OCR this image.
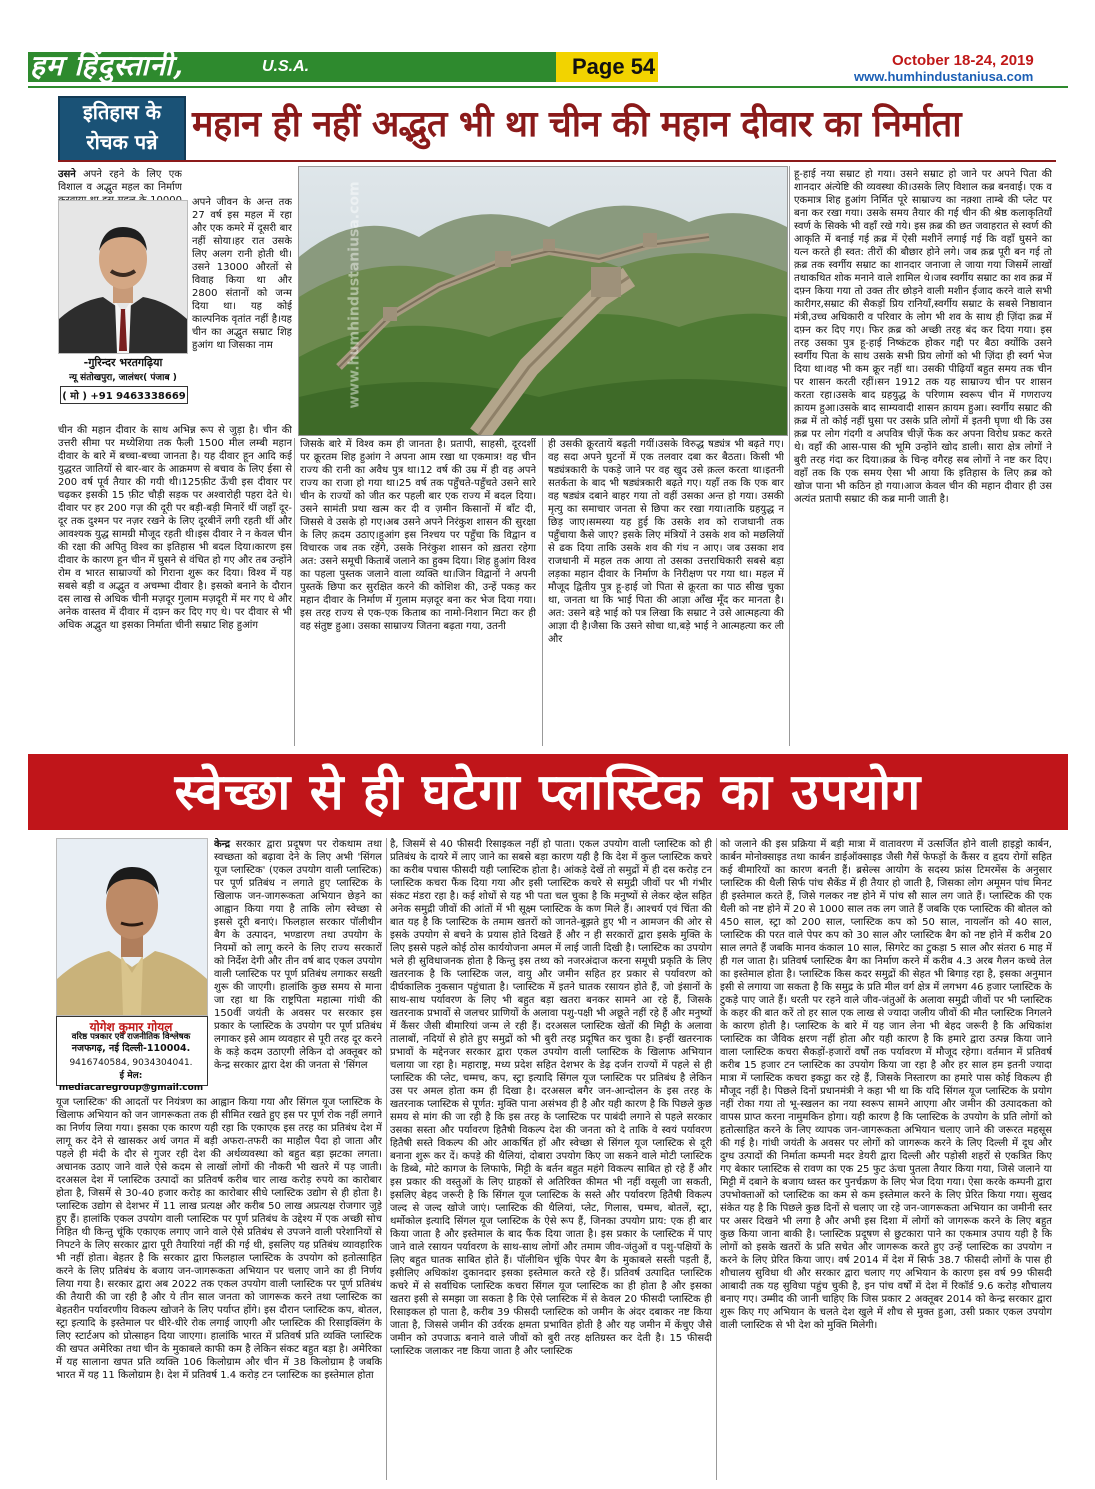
हम हिंदुस्तानी,	U.S.A.	Page 54	October 18-24, 2019
www.humhindustaniusa.com
इतिहास के
रोचक पन्ने महान ही नहीं अद्भुत भी था चीन की महान दीवार का निर्माता
उसने अपने रहने के लिए एक विशाल व अद्भुत महल का निर्माण
-गुरिन्दर भरतगढ़िया
न्यू संतोखपुरा, जालंधर( पंजाब )
( मो ) +91 9463338669
अपने जीवन के अन्त तक 27 वर्ष इस महल में रहा और एक कमरे में दूसरी बार नहीं सोया।हर रात उसके लिए अलग रानी होती थी। उसने 13000 औरतों से विवाह किया था और 2800 संतानों को जन्म दिया था। यह कोई काल्पनिक वृतांत नहीं है।यह चीन का अद्भुत सम्राट शिह हुआंग था जिसका नाम
चीन की महान दीवार के साथ अभिन्न रूप से जुड़ा है। चीन की उत्तरी सीमा पर मध्येशिया तक फैली 1500 मील लम्बी महान दीवार के बारे में बच्चा-बच्चा जानता है। यह दीवार हून आदि कई युद्धरत जातियों से बार-बार के आक्रमण से बचाव के लिए ईसा से 200 वर्ष पूर्व तैयार की गयी थी।125फ़ीट ऊँची इस दीवार पर चढ़कर इसकी 15 फ़ीट चौड़ी सड़क पर अश्वारोही पहरा देते थे। दीवार पर हर 200 गज़ की दूरी पर बड़ी-बड़ी मिनारें थीं जहाँ दूर-दूर तक दुश्मन पर नज़र रखने के लिए दूरबीनें लगी रहती थीं और आवश्यक युद्ध सामग्री मौजूद रहती थी।इस दीवार ने न केवल चीन की रक्षा की अपितु विश्व का इतिहास भी बदल दिया।कारण इस दीवार के कारण हून चीन में घुसने से वंचित हो गए और तब उन्होंने रोम व भारत साम्राज्यों को गिराना शुरू कर दिया। विश्व में यह सबसे बड़ी व अद्भुत व अचम्भा दीवार है। इसको बनाने के दौरान दस लाख से अधिक चीनी मज़दूर गुलाम मज़दूरी में मर गए थे और अनेक वास्तव में दीवार में दफ़्न कर दिए गए थे। पर दीवार से भी अधिक अद्भुत था इसका निर्माता चीनी सम्राट शिह हुआंग
www.humhindustaniusa.com
जिसके बारे में विश्व कम ही जानता है। प्रतापी, साहसी, दूरदर्शी पर क्रूरतम शिह हुआंग ने अपना आम रखा था एकमात्र! वह चीन राज्य की रानी का अवैध पुत्र था।12 वर्ष की उम्र में ही वह अपने राज्य का राजा हो गया था।25 वर्ष तक पहुँचते-पहुँचते उसने सारे चीन के राज्यों को जीत कर पहली बार एक राज्य में बदल दिया।उसने सामंती प्रथा खत्म कर दी व ज़मीन किसानों में बाँट दी, जिससे वे उसके हो गए।अब उसने अपने निरंकुश शासन की सुरक्षा के लिए क़दम उठाए।हुआंग इस निश्चय पर पहुँचा कि विद्वान व विचारक जब तक रहेंगे, उसके निरंकुश शासन को ख़तरा रहेगा अत: उसने समूची किताबें जलाने का हुक्म दिया। शिह हुआंग विश्व का पहला पुस्तक जलाने वाला व्यक्ति था।जिन विद्वानों ने अपनी पुस्तकें छिपा कर सुरक्षित करने की कोशिश की, उन्हें पकड़ कर महान दीवार के निर्माण में गुलाम मज़दूर बना कर भेज दिया गया। इस तरह राज्य से एक-एक किताब का नामो-निशान मिटा कर ही वह संतुष्ट हुआ। उसका साम्राज्य जितना बढ़ता गया, उतनी
ही उसकी क्रूरतायें बढ़ती गयीं।उसके विरुद्ध षड्यंत्र भी बढ़ते गए।वह सदा अपने घुटनों में एक तलवार दबा कर बैठता। किसी भी षड्यंत्रकारी के पकड़े जाने पर वह खुद उसे क़त्ल करता था।इतनी सतर्कता के बाद भी षड्यंत्रकारी बढ़ते गए। यहाँ तक कि एक बार वह षड्यंत्र दबाने बाहर गया तो वहीं उसका अन्त हो गया। उसकी मृत्यु का समाचार जनता से छिपा कर रखा गया।ताकि ग्रहयुद्ध न छिड़ जाए।समस्या यह हुई कि उसके शव को राजधानी तक पहुँचाया कैसे जाए? इसके लिए मंत्रियों ने उसके शव को मछलियों से ढक दिया ताकि उसके शव की गंध न आए। जब उसका शव राजधानी में महल तक आया तो उसका उत्तराधिकारी सबसे बड़ा लड़का महान दीवार के निर्माण के निरीक्षण पर गया था। महल में मौजूद द्वितीय पुत्र हू-हाई जो पिता से क्रूरता का पाठ सीख चुका था, जनता था कि भाई पिता की आज्ञा आँख मूँद कर मानता है। अत: उसने बड़े भाई को पत्र लिखा कि सम्राट ने उसे आत्महत्या की आज्ञा दी है।जैसा कि उसने सोचा था,बड़े भाई ने आत्महत्या कर ली और
हू-हाई नया सम्राट हो गया। उसने सम्राट हो जाने पर अपने पिता की शानदार अंत्येष्टि की व्यवस्था की।उसके लिए विशाल कब्र बनवाई। एक व एकमात्र शिह हुआंग निर्मित पूरे साम्राज्य का नक़्शा ताम्बे की प्लेट पर बना कर रखा गया। उसके समय तैयार की गई चीन की श्रेष्ठ कलाकृतियाँ स्वर्ण के सिक्के भी वहाँ रखे गये। इस क़ब्र की छत जवाहरात से स्वर्ण की आकृति में बनाई गई क़ब्र में ऐसी मशीनें लगाई गई कि वहाँ घुसने का यत्न करते ही स्वत: तीरों की बौछार होने लगे। जब क़ब्र पूरी बन गई तो क़ब्र तक स्वर्गीय सम्राट का शानदार जनाजा ले जाया गया जिसमें लाखों तथाकथित शोक मनाने वाले शामिल थे।जब स्वर्गीय सम्राट का शव क़ब्र में दफ़्न किया गया तो उक्त तीर छोड़ने वाली मशीन ईजाद करने वाले सभी कारीगर,सम्राट की सैकड़ों प्रिय रानियाँ,स्वर्गीय सम्राट के सबसे निष्ठावान मंत्री,उच्च अधिकारी व परिवार के लोग भी शव के साथ ही ज़िंदा क़ब्र में दफ़्न कर दिए गए। फिर क़ब्र को अच्छी तरह बंद कर दिया गया। इस तरह उसका पुत्र हू-हाई निष्कंटक होकर गद्दी पर बैठा क्योंकि उसने स्वर्गीय पिता के साथ उसके सभी प्रिय लोगों को भी ज़िंदा ही स्वर्ग भेज दिया था।वह भी कम क्रूर नहीं था। उसकी पीढ़ियाँ बहुत समय तक चीन पर शासन करती रहीं।सन 1912 तक यह साम्राज्य चीन पर शासन करता रहा।उसके बाद ग्रहयुद्ध के परिणाम स्वरूप चीन में गणराज्य क़ायम हुआ।उसके बाद साम्यवादी शासन क़ायम हुआ। स्वर्गीय सम्राट की क़ब्र में तो कोई नहीं घुसा पर उसके प्रति लोगों में इतनी घृणा थी कि उस क़ब्र पर लोग गंदगी व अपवित्र चीज़ें फेंक कर अपना विरोध प्रकट करते थे। वहाँ की आस-पास की भूमि उन्होंने खोद डाली। सारा क्षेत्र लोगों ने बुरी तरह गंदा कर दिया।क़ब्र के चिन्ह वगैरह सब लोगों ने नष्ट कर दिए।वहाँ तक कि एक समय ऐसा भी आया कि इतिहास के लिए क़ब्र को खोज पाना भी कठिन हो गया।आज केवल चीन की महान दीवार ही उस अत्यंत प्रतापी सम्राट की कब्र मानी जाती है।
स्वेच्छा से ही घटेगा प्लास्टिक का उपयोग
योगेश कुमार गोयल
वरिष्ठ पत्रकार एवं राजनीतिक विश्लेषक
नजफगढ़, नई दिल्ली-110004.
9416740584, 9034304041.
ई मेल: mediacaregroup@gmail.com
केन्द्र सरकार द्वारा प्रदूषण पर रोकथाम तथा स्वच्छता को बढ़ावा देने के लिए अभी 'सिंगल यूज प्लास्टिक' (एकल उपयोग वाली प्लास्टिक) पर पूर्ण प्रतिबंध न लगाते हुए प्लास्टिक के खिलाफ जन-जागरूकता अभियान छेड़ने का आह्वान किया गया है ताकि लोग स्वेच्छा से इससे दूरी बनाएं। फिलहाल सरकार पॉलीथीन बैग के उत्पादन, भण्डारण तथा उपयोग के नियमों को लागू करने के लिए राज्य सरकारों को निर्देश देगी और तीन वर्ष बाद एकल उपयोग वाली प्लास्टिक पर पूर्ण प्रतिबंध लगाकर सख्ती शुरू की जाएगी। हालांकि कुछ समय से माना जा रहा था कि राष्ट्रपिता महात्मा गांधी की 150वीं जयंती के अवसर पर सरकार इस प्रकार के प्लास्टिक के उपयोग पर पूर्ण प्रतिबंध लगाकर इसे आम व्यवहार से पूरी तरह दूर करने के कड़े कदम उठाएगी लेकिन दो अक्तूबर को केन्द्र सरकार द्वारा देश की जनता से 'सिंगल
यूज प्लास्टिक' की आदतों पर नियंत्रण का आह्वान किया गया और सिंगल यूज प्लास्टिक के खिलाफ अभियान को जन जागरूकता तक ही सीमित रखते हुए इस पर पूर्ण रोक नहीं लगाने का निर्णय लिया गया। इसका एक कारण यही रहा कि एकाएक इस तरह का प्रतिबंध देश में लागू कर देने से खासकर अर्थ जगत में बड़ी अफरा-तफरी का माहौल पैदा हो जाता और पहले ही मंदी के दौर से गुजर रही देश की अर्थव्यवस्था को बहुत बड़ा झटका लगता। अचानक उठाए जाने वाले ऐसे कदम से लाखों लोगों की नौकरी भी खतरे में पड़ जाती। दरअसल देश में प्लास्टिक उत्पादों का प्रतिवर्ष करीब चार लाख करोड़ रुपये का कारोबार होता है, जिसमें से 30-40 हजार करोड़ का कारोबार सीधे प्लास्टिक उद्योग से ही होता है। प्लास्टिक उद्योग से देशभर में 11 लाख प्रत्यक्ष और करीब 50 लाख अप्रत्यक्ष रोजगार जुड़े हुए हैं। हालांकि एकल उपयोग वाली प्लास्टिक पर पूर्ण प्रतिबंध के उद्देश्य में एक अच्छी सोच निहित थी किन्तु चूंकि एकाएक लगाए जाने वाले ऐसे प्रतिबंध से उपजने वाली परेशानियों से निपटने के लिए सरकार द्वारा पूरी तैयारियां नहीं की गई थी, इसलिए यह प्रतिबंध व्यावहारिक भी नहीं होता। बेहतर है कि सरकार द्वारा फिलहाल प्लास्टिक के उपयोग को हतोत्साहित करने के लिए प्रतिबंध के बजाय जन-जागरूकता अभियान पर चलाए जाने का ही निर्णय लिया गया है। सरकार द्वारा अब 2022 तक एकल उपयोग वाली प्लास्टिक पर पूर्ण प्रतिबंध की तैयारी की जा रही है और ये तीन साल जनता को जागरूक करने तथा प्लास्टिक का बेहतरीन पर्यावरणीय विकल्प खोजने के लिए पर्याप्त होंगे। इस दौरान प्लास्टिक कप, बोतल, स्ट्रा इत्यादि के इस्तेमाल पर धीरे-धीरे रोक लगाई जाएगी और प्लास्टिक की रिसाइक्लिंग के लिए स्टार्टअप को प्रोत्साहन दिया जाएगा। हालांकि भारत में प्रतिवर्ष प्रति व्यक्ति प्लास्टिक की खपत अमेरिका तथा चीन के मुकाबले काफी कम है लेकिन संकट बहुत बड़ा है। अमेरिका में यह सालाना खपत प्रति व्यक्ति 106 किलोग्राम और चीन में 38 किलोग्राम है जबकि भारत में यह 11 किलोग्राम है। देश में प्रतिवर्ष 1.4 करोड़ टन प्लास्टिक का इस्तेमाल होता
है, जिसमें से 40 फीसदी रिसाइकल नहीं हो पाता। एकल उपयोग वाली प्लास्टिक को ही प्रतिबंध के दायरे में लाए जाने का सबसे बड़ा कारण यही है कि देश में कुल प्लास्टिक कचरे का करीब पचास फीसदी यही प्लास्टिक होता है। आंकड़े देखें तो समुद्रों में ही दस करोड़ टन प्लास्टिक कचरा फैंक दिया गया और इसी प्लास्टिक कचरे से समुद्री जीवों पर भी गंभीर संकट मंडरा रहा है। कई शोधों से यह भी पता चल चुका है कि मनुष्यों से लेकर व्हेल सहित अनेक समुद्री जीवों की आंतों में भी सूक्ष्म प्लास्टिक के कण मिले हैं। आश्चर्य एवं चिंता की बात यह है कि प्लास्टिक के तमाम खतरों को जानते-बूझते हुए भी न आमजन की ओर से इसके उपयोग से बचने के प्रयास होते दिखते हैं और न ही सरकारों द्वारा इसके मुक्ति के लिए इससे पहले कोई ठोस कार्ययोजना अमल में लाई जाती दिखी है। प्लास्टिक का उपयोग भले ही सुविधाजनक होता है किन्तु इस तथ्य को नजरअंदाज करना समूची प्रकृति के लिए खतरनाक है कि प्लास्टिक जल, वायु और जमीन सहित हर प्रकार से पर्यावरण को दीर्घकालिक नुकसान पहुंचाता है। प्लास्टिक में इतने घातक रसायन होते हैं, जो इंसानों के साथ-साथ पर्यावरण के लिए भी बहुत बड़ा खतरा बनकर सामने आ रहे हैं, जिसके खतरनाक प्रभावों से जलचर प्राणियों के अलावा पशु-पक्षी भी अछूते नहीं रहे हैं और मनुष्यों में कैंसर जैसी बीमारियां जन्म ले रही हैं। दरअसल प्लास्टिक खेतों की मिट्टी के अलावा तालाबों, नदियों से होते हुए समुद्रों को भी बुरी तरह प्रदूषित कर चुका है। इन्हीं खतरनाक प्रभावों के मद्देनजर सरकार द्वारा एकल उपयोग वाली प्लास्टिक के खिलाफ अभियान चलाया जा रहा है। महाराष्ट्र, मध्य प्रदेश सहित देशभर के डेढ़ दर्जन राज्यों में पहले से ही प्लास्टिक की प्लेट, चम्मच, कप, स्ट्रा इत्यादि सिंगल यूज प्लास्टिक पर प्रतिबंध है लेकिन उस पर अमल होता कम ही दिखा है। दरअसल बगैर जन-आन्दोलन के इस तरह के खतरनाक प्लास्टिक से पूर्णत: मुक्ति पाना असंभव ही है और यही कारण है कि पिछले कुछ समय से मांग की जा रही है कि इस तरह के प्लास्टिक पर पाबंदी लगाने से पहले सरकार उसका सस्ता और पर्यावरण हितैषी विकल्प देश की जनता को दे ताकि वे स्वयं पर्यावरण हितैषी सस्ते विकल्प की ओर आकर्षित हों और स्वेच्छा से सिंगल यूज प्लास्टिक से दूरी बनाना शुरू कर दें। कपड़े की थैलियां, दोबारा उपयोग किए जा सकने वाले मोटी प्लास्टिक के डिब्बे, मोटे कागज के लिफाफे, मिट्टी के बर्तन बहुत महंगे विकल्प साबित हो रहे हैं और इस प्रकार की वस्तुओं के लिए ग्राहकों से अतिरिक्त कीमत भी नहीं वसूली जा सकती, इसलिए बेहद जरूरी है कि सिंगल यूज प्लास्टिक के सस्ते और पर्यावरण हितैषी विकल्प जल्द से जल्द खोजे जाएं। प्लास्टिक की थैलियां, प्लेट, गिलास, चम्मच, बोतलें, स्ट्रा, थर्मोकोल इत्यादि सिंगल यूज प्लास्टिक के ऐसे रूप हैं, जिनका उपयोग प्राय: एक ही बार किया जाता है और इस्तेमाल के बाद फैंक दिया जाता है। इस प्रकार के प्लास्टिक में पाए जाने वाले रसायन पर्यावरण के साथ-साथ लोगों और तमाम जीव-जंतुओं व पशु-पक्षियों के लिए बहुत घातक साबित होते हैं। पॉलीथिन चूंकि पेपर बैग के मुकाबले सस्ती पड़ती हैं, इसीलिए अधिकांश दुकानदार इसका इस्तेमाल करते रहे हैं। प्रतिवर्ष उत्पादित प्लास्टिक कचरे में से सर्वाधिक प्लास्टिक कचरा सिंगल यूज प्लास्टिक का ही होता है और इसका खतरा इसी से समझा जा सकता है कि ऐसे प्लास्टिक में से केवल 20 फीसदी प्लास्टिक ही रिसाइकल हो पाता है, करीब 39 फीसदी प्लास्टिक को जमीन के अंदर दबाकर नष्ट किया जाता है, जिससे जमीन की उर्वरक क्षमता प्रभावित होती है और यह जमीन में केंचुए जैसे जमीन को उपजाऊ बनाने वाले जीवों को बुरी तरह क्षतिग्रस्त कर देती है। 15 फीसदी प्लास्टिक जलाकर नष्ट किया जाता है और प्लास्टिक
को जलाने की इस प्रक्रिया में बड़ी मात्रा में वातावरण में उत्सर्जित होने वाली हाइड्रो कार्बन, कार्बन मोनोक्साइड तथा कार्बन डाईऑक्साइड जैसी गैसें फेफड़ों के कैंसर व हृदय रोगों सहित कई बीमारियों का कारण बनती हैं। ब्रसेल्स आयोग के सदस्य फ्रांस टिमरमेंस के अनुसार प्लास्टिक की थैली सिर्फ पांच सैकेंड में ही तैयार हो जाती है, जिसका लोग अमूमन पांच मिनट ही इस्तेमाल करते हैं, जिसे गलकर नष्ट होने में पांच सौ साल लग जाते हैं। प्लास्टिक की एक थैली को नष्ट होने में 20 से 1000 साल तक लग जाते हैं जबकि एक प्लास्टिक की बोतल को 450 साल, स्ट्रा को 200 साल, प्लास्टिक कप को 50 साल, नायलॉन को 40 साल, प्लास्टिक की परत वाले पेपर कप को 30 साल और प्लास्टिक बैग को नष्ट होने में करीब 20 साल लगते हैं जबकि मानव कंकाल 10 साल, सिगरेट का टुकड़ा 5 साल और संतरा 6 माह में ही गल जाता है। प्रतिवर्ष प्लास्टिक बैग का निर्माण करने में करीब 4.3 अरब गैलन कच्चे तेल का इस्तेमाल होता है। प्लास्टिक किस कदर समुद्रों की सेहत भी बिगाड़ रहा है, इसका अनुमान इसी से लगाया जा सकता है कि समुद्र के प्रति मील वर्ग क्षेत्र में लगभग 46 हजार प्लास्टिक के टुकड़े पाए जाते हैं। धरती पर रहने वाले जीव-जंतुओं के अलावा समुद्री जीवों पर भी प्लास्टिक के कहर की बात करें तो हर साल एक लाख से ज्यादा जलीय जीवों की मौत प्लास्टिक निगलने के कारण होती है। प्लास्टिक के बारे में यह जान लेना भी बेहद जरूरी है कि अधिकांश प्लास्टिक का जैविक क्षरण नहीं होता और यही कारण है कि हमारे द्वारा उत्पन्न किया जाने वाला प्लास्टिक कचरा सैकड़ों-हजारों वर्षों तक पर्यावरण में मौजूद रहेगा। वर्तमान में प्रतिवर्ष करीब 15 हजार टन प्लास्टिक का उपयोग किया जा रहा है और हर साल हम इतनी ज्यादा मात्रा में प्लास्टिक कचरा इकट्ठा कर रहे हैं, जिसके निस्तारण का हमारे पास कोई विकल्प ही मौजूद नहीं है। पिछले दिनों प्रधानमंत्री ने कहा भी था कि यदि सिंगल यूज प्लास्टिक के प्रयोग नहीं रोका गया तो भू-स्खलन का नया स्वरूप सामने आएगा और जमीन की उत्पादकता को वापस प्राप्त करना नामुमकिन होगा। यही कारण है कि प्लास्टिक के उपयोग के प्रति लोगों को हतोत्साहित करने के लिए व्यापक जन-जागरूकता अभियान चलाए जाने की जरूरत महसूस की गई है। गांधी जयंती के अवसर पर लोगों को जागरूक करने के लिए दिल्ली में दूध और दुग्ध उत्पादों की निर्माता कम्पनी मदर डेयरी द्वारा दिल्ली और पड़ोसी शहरों से एकत्रित किए गए बेकार प्लास्टिक से रावण का एक 25 फुट ऊंचा पुतला तैयार किया गया, जिसे जलाने या मिट्टी में दबाने के बजाय ध्वस्त कर पुनर्चक्रण के लिए भेज दिया गया। ऐसा करके कम्पनी द्वारा उपभोक्ताओं को प्लास्टिक का कम से कम इस्तेमाल करने के लिए प्रेरित किया गया। सुखद संकेत यह है कि पिछले कुछ दिनों से चलाए जा रहे जन-जागरूकता अभियान का जमीनी स्तर पर असर दिखने भी लगा है और अभी इस दिशा में लोगों को जागरूक करने के लिए बहुत कुछ किया जाना बाकी है। प्लास्टिक प्रदूषण से छुटकारा पाने का एकमात्र उपाय यही है कि लोगों को इसके खतरों के प्रति सचेत और जागरूक करते हुए उन्हें प्लास्टिक का उपयोग न करने के लिए प्रेरित किया जाए। वर्ष 2014 में देश में सिर्फ 38.7 फीसदी लोगों के पास ही शौचालय सुविधा थी और सरकार द्वारा चलाए गए अभियान के कारण इस वर्ष 99 फीसदी आबादी तक यह सुविधा पहुंच चुकी है, इन पांच वर्षों में देश में रिकॉर्ड 9.6 करोड़ शौचालय बनाए गए। उम्मीद की जानी चाहिए कि जिस प्रकार 2 अक्तूबर 2014 को केन्द्र सरकार द्वारा शुरू किए गए अभियान के चलते देश खुले में शौच से मुक्त हुआ, उसी प्रकार एकल उपयोग वाली प्लास्टिक से भी देश को मुक्ति मिलेगी।
